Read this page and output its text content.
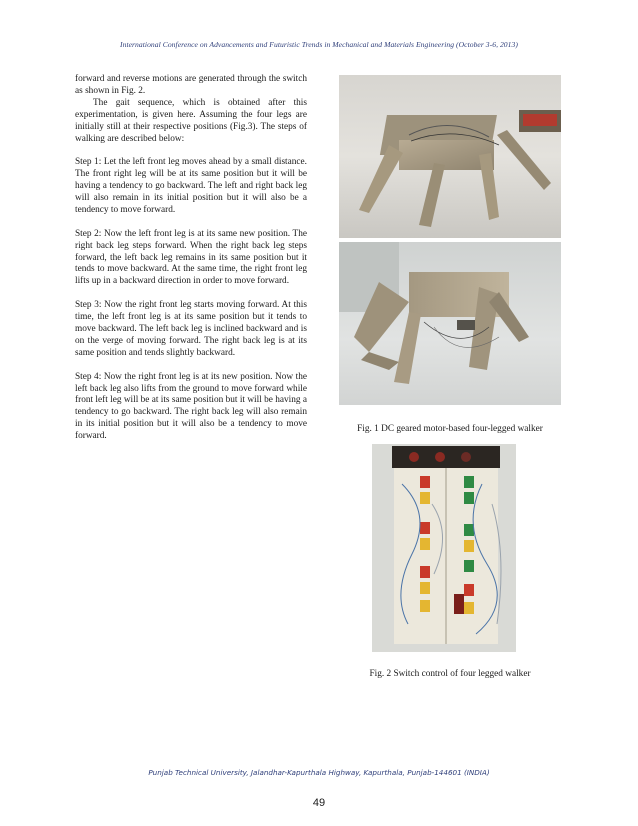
International Conference on Advancements and Futuristic Trends in Mechanical and Materials Engineering (October 3-6, 2013)

forward and reverse motions are generated through the switch as shown in Fig. 2.

The gait sequence, which is obtained after this experimentation, is given here. Assuming the four legs are initially still at their respective positions (Fig.3). The steps of walking are described below:

Step 1: Let the left front leg moves ahead by a small distance. The front right leg will be at its same position but it will be having a tendency to go backward. The left and right back leg will also remain in its initial position but it will also be a tendency to move forward.

Step 2: Now the left front leg is at its same new position. The right back leg steps forward. When the right back leg steps forward, the left back leg remains in its same position but it tends to move backward. At the same time, the right front leg lifts up in a backward direction in order to move forward.

Step 3: Now the right front leg starts moving forward. At this time, the left front leg is at its same position but it tends to move backward. The left back leg is inclined backward and is on the verge of moving forward. The right back leg is at its same position and tends slightly backward.

Step 4: Now the right front leg is at its new position. Now the left back leg also lifts from the ground to move forward while front left leg will be at its same position but it will be having a tendency to go backward. The right back leg will also remain in its initial position but it will also be a tendency to move forward.

Fig. 1 DC geared motor-based four-legged walker
Fig. 2 Switch control of four legged walker
Punjab Technical University, Jalandhar-Kapurthala Highway, Kapurthala, Punjab-144601 (INDIA)
49
